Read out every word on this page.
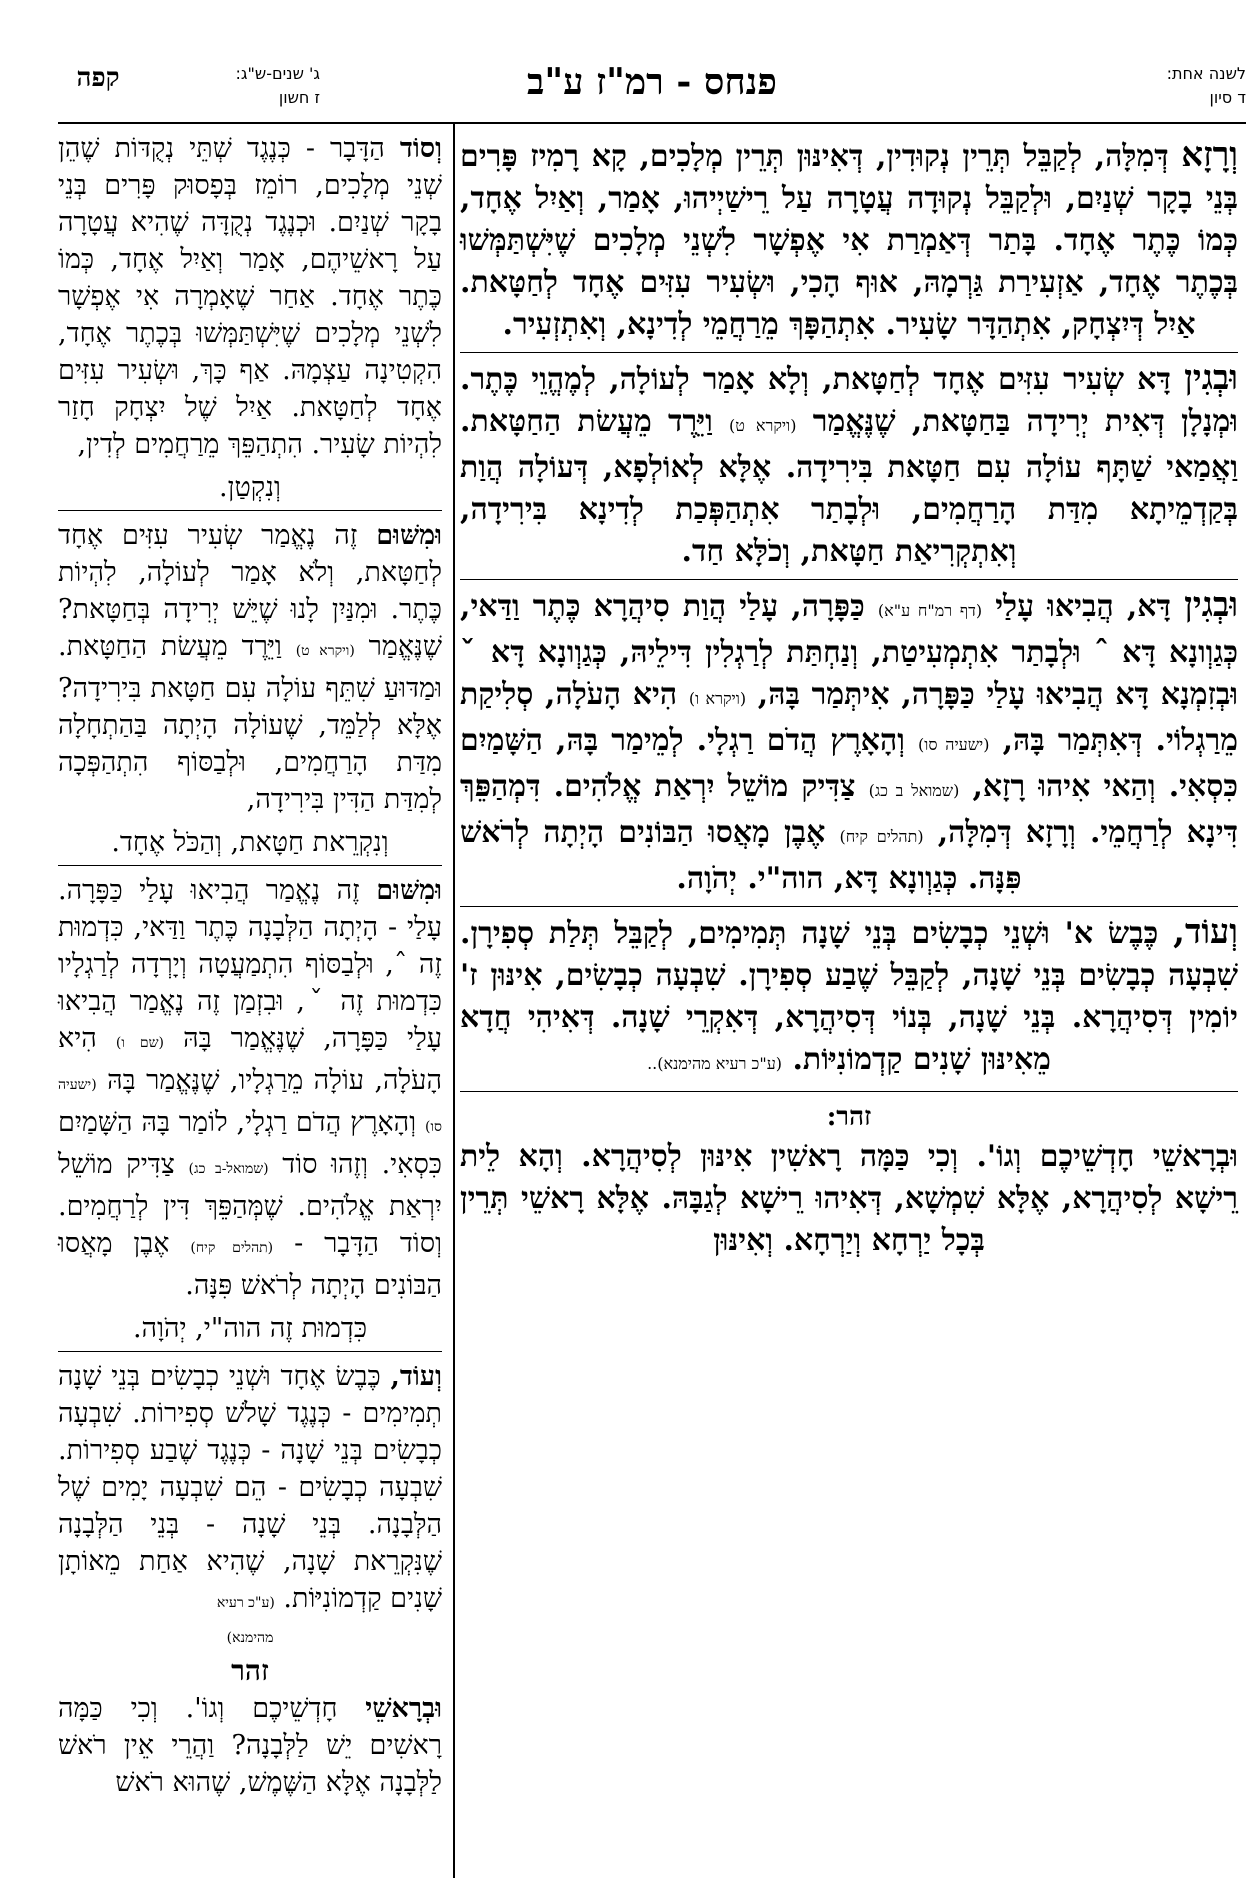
לשנה אחת:
ד סיון
פנחס - רמ"ז ע"ב
ג' שנים-ש"ג:
ז חשון
קפה

וְרָזָא דְּמִלָּה, לְקַבֵּל תְּרֵין נְקוּדִין, דְּאִינּוּן תְּרֵין מְלָכִים, קָא רָמִיז פָּרִים בְּנֵי בָקָר שְׁנַיִם, וּלְקַבֵּל נְקוּדָה עֲטָרָה עַל רֵישַׁיְיהוּ, אָמַר, וְאַיִל אֶחָד, כְּמוֹ כֶּתֶר אֶחָד. בָּתַר דְּאַמְרַת אִי אֶפְשָׁר לִשְׁנֵי מְלָכִים שֶׁיִּשְׁתַּמְּשׁוּ בְּכֶתֶר אֶחָד, אַזְעִירַת גַּרְמָהּ, אוּף הָכִי, וּשְׂעִיר עִזִּים אֶחָד לְחַטָּאת. אַיִל דְּיִצְחָק, אִתְהַדָּר שָׂעִיר. אִתְהַפָּךְ מֵרַחֲמֵי לְדִינָא, וְאִתְזְעִיר.

וּבְגִין דָּא שְׂעִיר עִזִּים אֶחָד לְחַטָּאת, וְלָא אָמַר לְעוֹלָה, לְמֶהֱוֵי כֶּתֶר. וּמְנָלָן דְּאִית יְרִידָה בַּחַטָּאת, שֶׁנֶּאֱמַר (ויקרא ט) וַיֵּרֶד מֵעֲשׂת הַחַטָּאת. וַאֲמַאי שַׁתָּף עוֹלָה עִם חַטָּאת בִּירִידָה. אֶלָּא לְאוֹלְפָא, דְּעוֹלָה הֲוַת בְּקַדְמֵיתָא מִדַּת הָרַחֲמִים, וּלְבָתַר אִתְהַפְּכַת לְדִינָא בִּירִידָה, וְאִתְקְרִיאַת חַטָּאת, וְכֹלָּא חַד.

וּבְגִין דָּא, הֲבִיאוּ עָלַי (דף רמ"ח ע"א) כַּפָּרָה, עָלַי הֲוַת סִיהֲרָא כֶּתֶר וַדַּאי, כְּגַוְונָא דָּא ˆ וּלְבָתַר אִתְמְעִיטַת, וְנַחְתַּת לְרַגְלִין דִּילֵיהּ, כְּגַוְונָא דָּא ˇ וּבְזִמְנָא דָּא הֲבִיאוּ עָלַי כַּפָּרָה, אִיתְּמַר בָּהּ, (ויקרא ו) הִיא הָעֹלָה, סְלִיקַת מֵרַגְלוֹי. דְּאִתְּמַר בָּהּ, (ישעיה סו) וְהָאָרֶץ הֲדֹם רַגְלָי. לְמֵימַר בָּהּ, הַשָּׁמַיִם כִּסְאִי. וְהַאי אִיהוּ רָזָא, (שמואל ב כג) צַדִּיק מוֹשֵׁל יִרְאַת אֱלֹהִים. דִּמְהַפֵּךְ דִּינָא לְרַחֲמֵי. וְרָזָא דְּמִלָּה, (תהלים קיח) אֶבֶן מָאֲסוּ הַבּוֹנִים הָיְתָה לְרֹאשׁ פִּנָּה. כְּגַוְונָא דָּא, הוה"י. יְהֹוָה.

וְעוֹד, כֶּבֶשׂ א' וּשְׁנֵי כְבָשִׂים בְּנֵי שָׁנָה תְּמִימִים, לְקַבֵּל תְּלַת סְפִירָן. שִׁבְעָה כְבָשִׂים בְּנֵי שָׁנָה, לְקַבֵּל שֶׁבַע סְפִירָן. שִׁבְעָה כְבָשִׂים, אִינּוּן ז' יוֹמִין דְּסִיהֲרָא. בְּנֵי שָׁנָה, בְּנוֹי דְּסִיהֲרָא, דְּאִקְרֵי שָׁנָה. דְּאִיהִי חֲדָא מֵאִינּוּן שָׁנִים קַדְמוֹנִיּוֹת. (ע"כ רעיא מהימנא)..

זהר:

וּבְרָאשֵׁי חָדְשֵׁיכֶם וְגוֹ'. וְכִי כַּמָּה רָאשִׁין אִינּוּן לְסִיהֲרָא. וְהָא לֵית רֵישָׁא לְסִיהֲרָא, אֶלָּא שִׁמְשָׁא, דְּאִיהוּ רֵישָׁא לְגַבָּהּ. אֶלָּא רָאשֵׁי תְּרֵין בְּכָל יַרְחָא וְיַרְחָא. וְאִינּוּן

וְסוֹד הַדָּבָר - כְּנֶגֶד שְׁתֵּי נְקֻדּוֹת שֶׁהֵן שְׁנֵי מְלָכִים, רוֹמֵז בְּפָסוּק פָּרִים בְּנֵי בָקָר שְׁנַיִם. וּכְנֶגֶד נְקֻדָּה שֶׁהִיא עֲטָרָה עַל רָאשֵׁיהֶם, אָמַר וְאַיִל אֶחָד, כְּמוֹ כֶּתֶר אֶחָד. אַחַר שֶׁאָמְרָה אִי אֶפְשָׁר לִשְׁנֵי מְלָכִים שֶׁיִּשְׁתַּמְּשׁוּ בְּכֶתֶר אֶחָד, הִקְטִינָה עַצְמָהּ. אַף כָּךְ, וּשְׂעִיר עִזִּים אֶחָד לְחַטָּאת. אַיִל שֶׁל יִצְחָק חָזַר לִהְיוֹת שָׂעִיר. הִתְהַפֵּךְ מֵרַחֲמִים לְדִין,

וְנִקְטַן.

וּמִשּׁוּם זֶה נֶאֱמַר שְׂעִיר עִזִּים אֶחָד לְחַטָּאת, וְלֹא אָמַר לְעוֹלָה, לִהְיוֹת כֶּתֶר. וּמִנַּיִן לָנוּ שֶׁיֵּשׁ יְרִידָה בְּחַטָּאת? שֶׁנֶּאֱמַר (ויקרא ט) וַיֵּרֶד מֵעֲשׂת הַחַטָּאת. וּמַדּוּעַ שִׁתֵּף עוֹלָה עִם חַטָּאת בִּירִידָה? אֶלָּא לְלַמֵּד, שֶׁעוֹלָה הָיְתָה בַּהַתְחָלָה מִדַּת הָרַחֲמִים, וּלְבַסּוֹף הִתְהַפְּכָה לְמִדַּת הַדִּין בִּירִידָה,

וְנִקְרֵאת חַטָּאת, וְהַכֹּל אֶחָד.

וּמִשּׁוּם זֶה נֶאֱמַר הֲבִיאוּ עָלַי כַּפָּרָה. עָלַי - הָיְתָה הַלְּבָנָה כֶּתֶר וַדַּאי, כִּדְמוּת זֶה ˆ, וּלְבַסּוֹף הִתְמַעֲטָה וְיָרְדָה לְרַגְלָיו כִּדְמוּת זֶה ˇ, וּבִזְמַן זֶה נֶאֱמַר הֲבִיאוּ עָלַי כַּפָּרָה, שֶׁנֶּאֱמַר בָּהּ (שם ו) הִיא הָעֹלָה, עוֹלָה מֵרַגְלָיו, שֶׁנֶּאֱמַר בָּהּ (ישעיה סו) וְהָאָרֶץ הֲדֹם רַגְלָי, לוֹמַר בָּהּ הַשָּׁמַיִם כִּסְאִי. וְזֶהוּ סוֹד (שמואל-ב כג) צַדִּיק מוֹשֵׁל יִרְאַת אֱלֹהִים. שֶׁמְּהַפֵּךְ דִּין לְרַחֲמִים. וְסוֹד הַדָּבָר - (תהלים קיח) אֶבֶן מָאֲסוּ הַבּוֹנִים הָיְתָה לְרֹאשׁ פִּנָּה.

כִּדְמוּת זֶה הוה"י, יְהֹוָה.

וְעוֹד, כֶּבֶשׂ אֶחָד וּשְׁנֵי כְבָשִׂים בְּנֵי שָׁנָה תְמִימִים - כְּנֶגֶד שָׁלֹשׁ סְפִירוֹת. שִׁבְעָה כְבָשִׂים בְּנֵי שָׁנָה - כְּנֶגֶד שֶׁבַע סְפִירוֹת. שִׁבְעָה כְבָשִׂים - הֵם שִׁבְעָה יָמִים שֶׁל הַלְּבָנָה. בְּנֵי שָׁנָה - בְּנֵי הַלְּבָנָה שֶׁנִּקְרֵאת שָׁנָה, שֶׁהִיא אַחַת מֵאוֹתָן שָׁנִים קַדְמוֹנִיּוֹת. (ע"כ רעיא

מהימנא)

זהר

וּבְרָאשֵׁי חָדְשֵׁיכֶם וְגוֹ'. וְכִי כַּמָּה רָאשִׁים יֵשׁ לַלְּבָנָה? וַהֲרֵי אֵין רֹאשׁ לַלְּבָנָה אֶלָּא הַשֶּׁמֶשׁ, שֶׁהוּא רֹאשׁ
